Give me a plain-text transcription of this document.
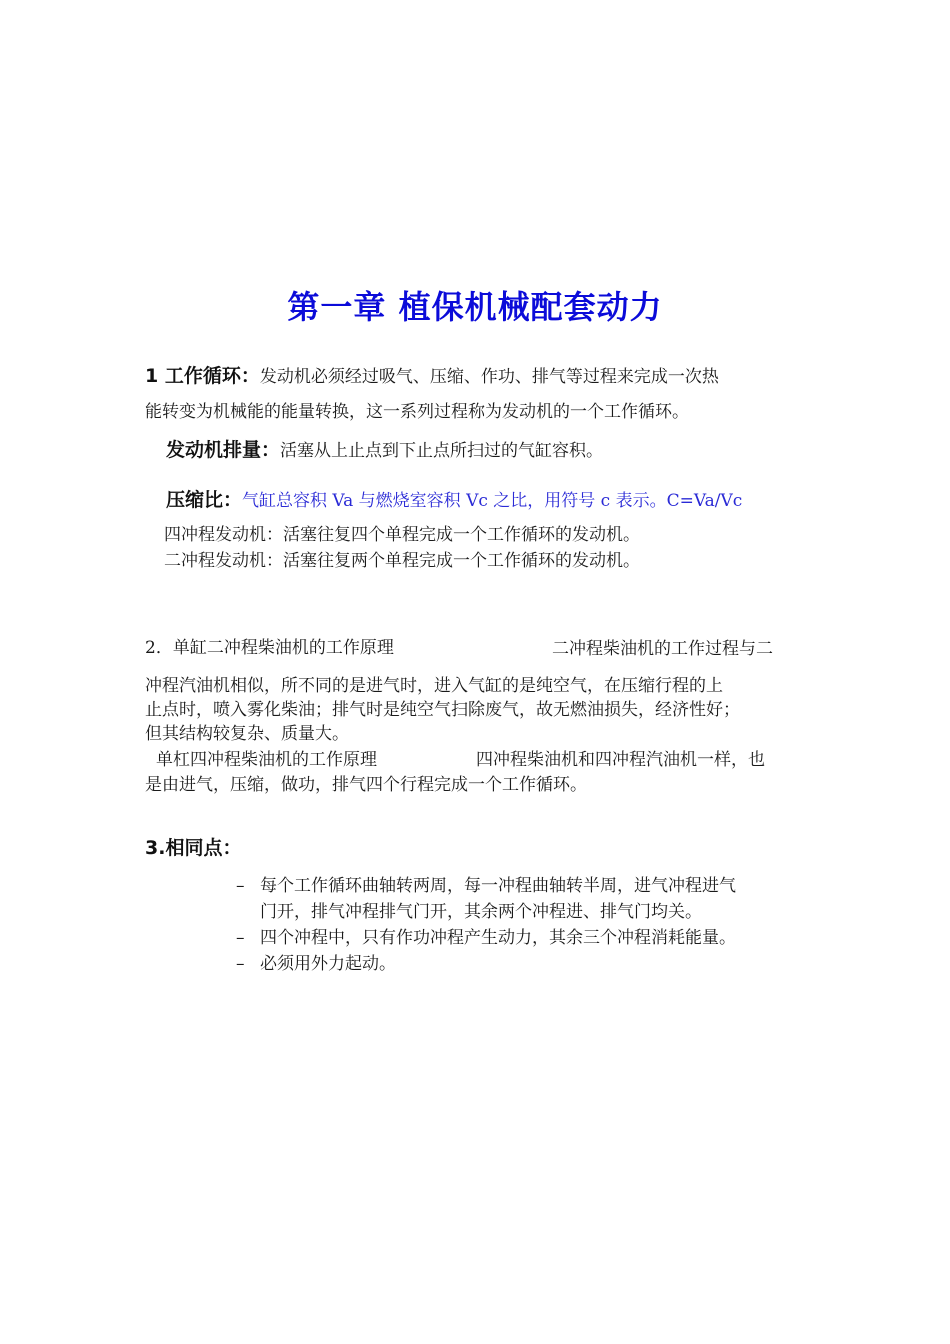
第一章 植保机械配套动力
1 工作循环：发动机必须经过吸气、压缩、作功、排气等过程来完成一次热
能转变为机械能的能量转换，这一系列过程称为发动机的一个工作循环。
发动机排量：活塞从上止点到下止点所扫过的气缸容积。
压缩比：气缸总容积 Va 与燃烧室容积 Vc 之比，用符号 c 表示。C=Va/Vc
四冲程发动机：活塞往复四个单程完成一个工作循环的发动机。
二冲程发动机：活塞往复两个单程完成一个工作循环的发动机。
2．单缸二冲程柴油机的工作原理	二冲程柴油机的工作过程与二
冲程汽油机相似，所不同的是进气时，进入气缸的是纯空气，在压缩行程的上
止点时，喷入雾化柴油；排气时是纯空气扫除废气，故无燃油损失，经济性好；
但其结构较复杂、质量大。
单杠四冲程柴油机的工作原理	四冲程柴油机和四冲程汽油机一样，也
是由进气，压缩，做功，排气四个行程完成一个工作循环。
3.相同点：
– 每个工作循环曲轴转两周，每一冲程曲轴转半周，进气冲程进气
门开，排气冲程排气门开，其余两个冲程进、排气门均关。
– 四个冲程中，只有作功冲程产生动力，其余三个冲程消耗能量。
– 必须用外力起动。
